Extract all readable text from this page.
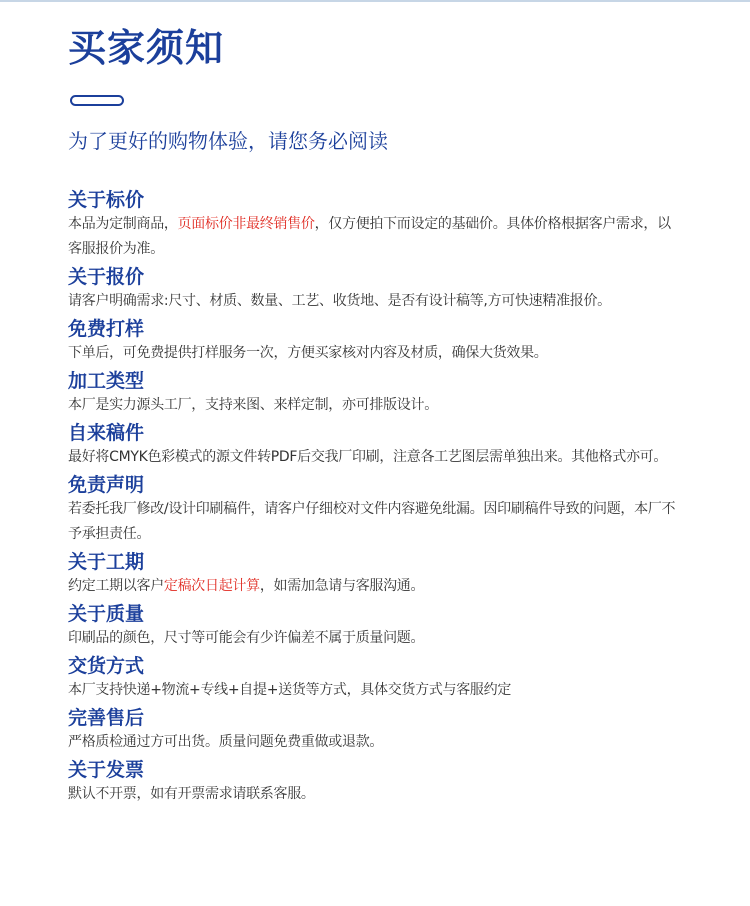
买家须知
为了更好的购物体验，请您务必阅读
关于标价

本品为定制商品，页面标价非最终销售价，仅方便拍下而设定的基础价。具体价格根据客户需求，以客服报价为准。

关于报价

请客户明确需求:尺寸、材质、数量、工艺、收货地、是否有设计稿等,方可快速精准报价。

免费打样

下单后，可免费提供打样服务一次，方便买家核对内容及材质，确保大货效果。

加工类型

本厂是实力源头工厂，支持来图、来样定制，亦可排版设计。

自来稿件

最好将CMYK色彩模式的源文件转PDF后交我厂印刷，注意各工艺图层需单独出来。其他格式亦可。

免责声明

若委托我厂修改/设计印刷稿件，请客户仔细校对文件内容避免纰漏。因印刷稿件导致的问题，本厂不予承担责任。

关于工期

约定工期以客户定稿次日起计算，如需加急请与客服沟通。

关于质量

印刷品的颜色，尺寸等可能会有少许偏差不属于质量问题。

交货方式

本厂支持快递+物流+专线+自提+送货等方式，具体交货方式与客服约定

完善售后

严格质检通过方可出货。质量问题免费重做或退款。

关于发票

默认不开票，如有开票需求请联系客服。
